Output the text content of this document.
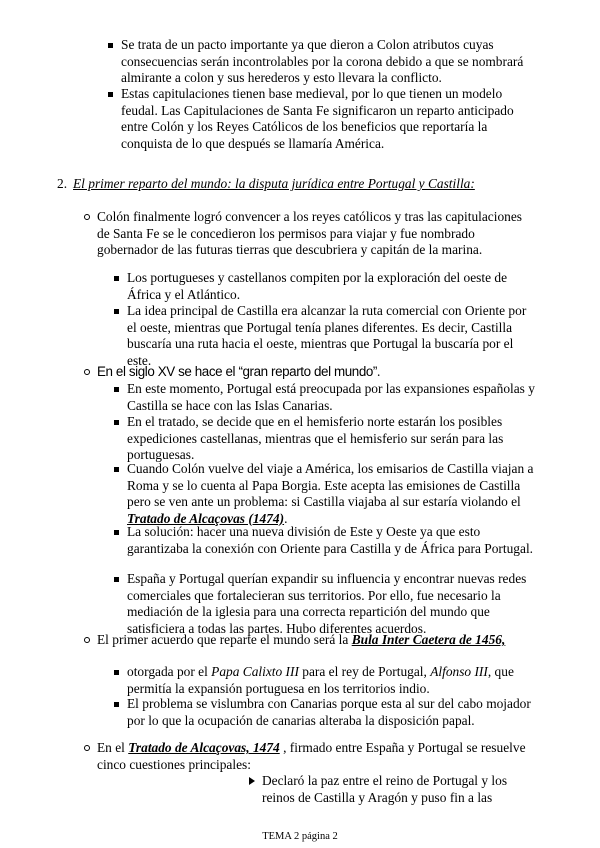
Se trata de un pacto importante ya que dieron a Colon atributos cuyas consecuencias serán incontrolables por la corona debido a que se nombrará almirante a colon y sus herederos y esto llevara la conflicto.
Estas capitulaciones tienen base medieval, por lo que tienen un modelo feudal. Las Capitulaciones de Santa Fe significaron un reparto anticipado entre Colón y los Reyes Católicos de los beneficios que reportaría la conquista de lo que después se llamaría América.
2. El primer reparto del mundo: la disputa jurídica entre Portugal y Castilla:
Colón finalmente logró convencer a los reyes católicos y tras las capitulaciones de Santa Fe se le concedieron los permisos para viajar y fue nombrado gobernador de las futuras tierras que descubriera y capitán de la marina.
Los portugueses y castellanos compiten por la exploración del oeste de África y el Atlántico.
La idea principal de Castilla era alcanzar la ruta comercial con Oriente por el oeste, mientras que Portugal tenía planes diferentes. Es decir, Castilla buscaría una ruta hacia el oeste, mientras que Portugal la buscaría por el este.
En el siglo XV se hace el “gran reparto del mundo”.
En este momento, Portugal está preocupada por las expansiones españolas y Castilla se hace con las Islas Canarias.
En el tratado, se decide que en el hemisferio norte estarán los posibles expediciones castellanas, mientras que el hemisferio sur serán para las portuguesas.
Cuando Colón vuelve del viaje a América, los emisarios de Castilla viajan a Roma y se lo cuenta al Papa Borgia. Este acepta las emisiones de Castilla pero se ven ante un problema: si Castilla viajaba al sur estaría violando el Tratado de Alcaçovas (1474).
La solución: hacer una nueva división de Este y Oeste ya que esto garantizaba la conexión con Oriente para Castilla y de África para Portugal.
España y Portugal querían expandir su influencia y encontrar nuevas redes comerciales que fortalecieran sus territorios. Por ello, fue necesario la mediación de la iglesia para una correcta repartición del mundo que satisficiera a todas las partes. Hubo diferentes acuerdos.
El primer acuerdo que reparte el mundo será la Bula Inter Caetera de 1456,
otorgada por el Papa Calixto III para el rey de Portugal, Alfonso III, que permitía la expansión portuguesa en los territorios indio.
El problema se vislumbra con Canarias porque esta al sur del cabo mojador por lo que la ocupación de canarias alteraba la disposición papal.
En el Tratado de Alcaçovas, 1474 , firmado entre España y Portugal se resuelve cinco cuestiones principales:
Declaró la paz entre el reino de Portugal y los reinos de Castilla y Aragón y puso fin a las
TEMA 2 página 2
